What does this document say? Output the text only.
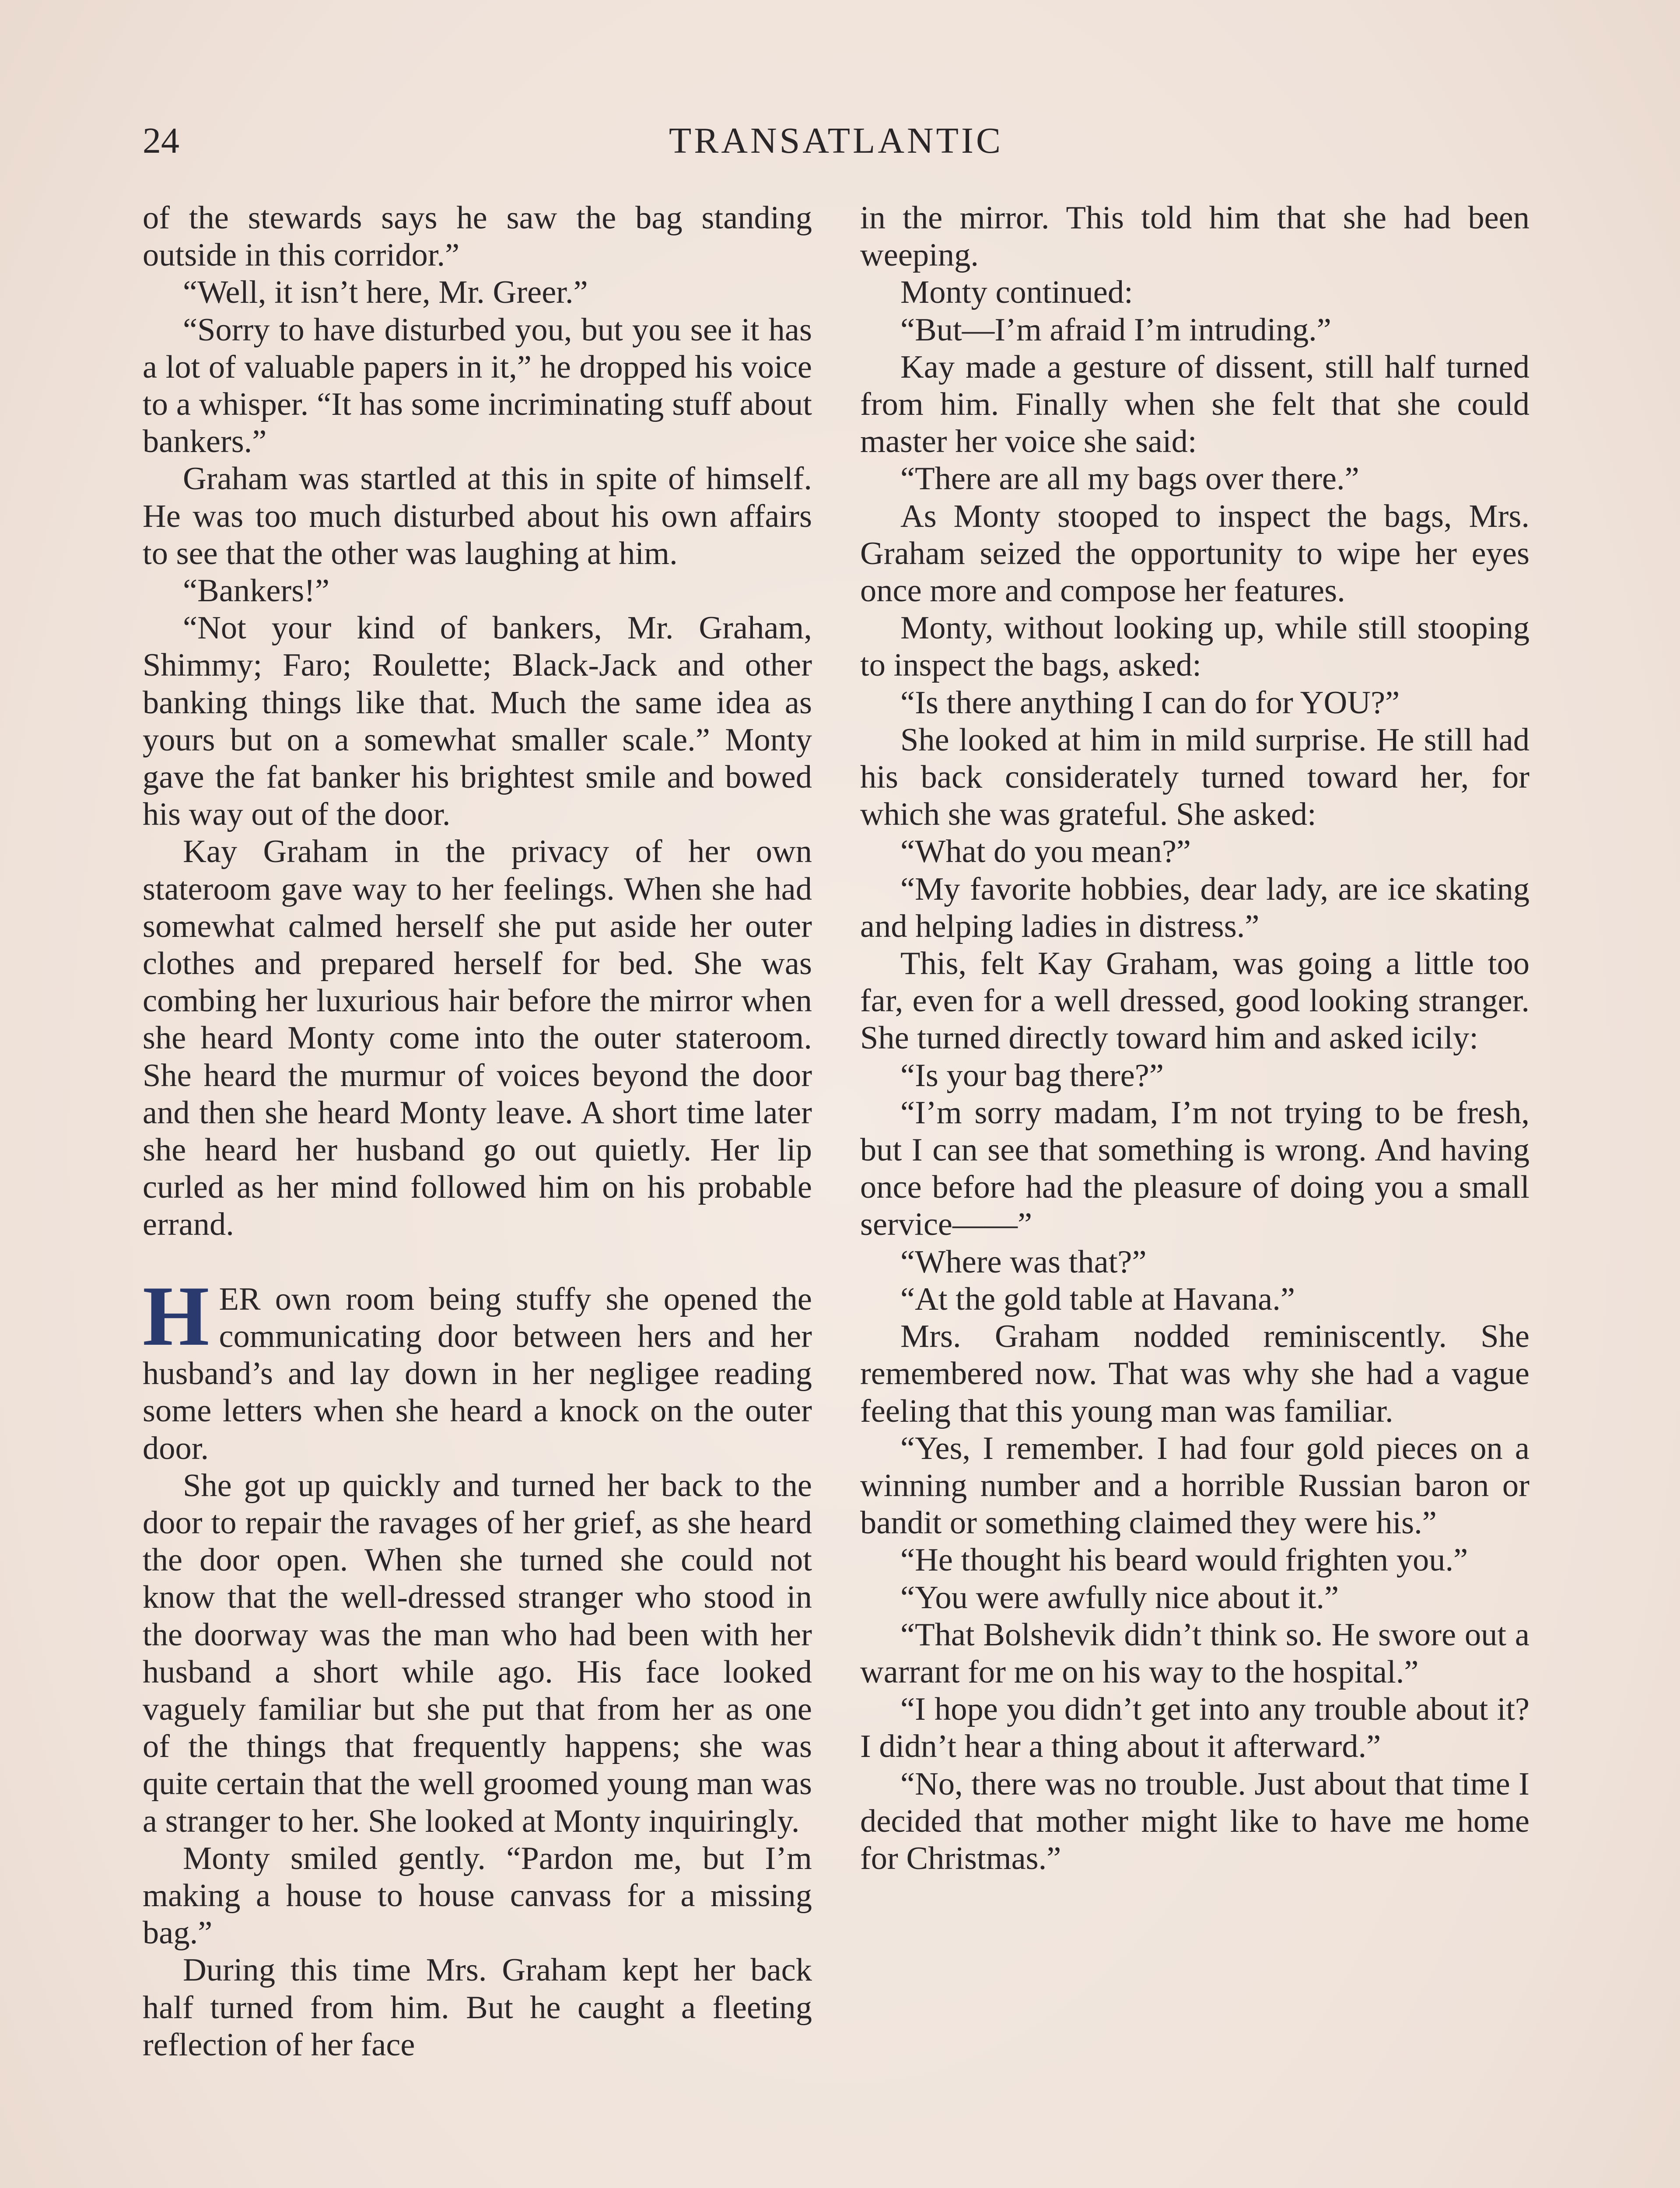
24	TRANSATLANTIC

of the stewards says he saw the bag standing outside in this corridor.”

“Well, it isn’t here, Mr. Greer.”

“Sorry to have disturbed you, but you see it has a lot of valuable papers in it,” he dropped his voice to a whisper. “It has some incriminating stuff about bankers.”

Graham was startled at this in spite of himself. He was too much disturbed about his own affairs to see that the other was laughing at him.

“Bankers!”

“Not your kind of bankers, Mr. Graham, Shimmy; Faro; Roulette; Black-Jack and other banking things like that. Much the same idea as yours but on a somewhat smaller scale.” Monty gave the fat banker his brightest smile and bowed his way out of the door.

Kay Graham in the privacy of her own stateroom gave way to her feelings. When she had somewhat calmed herself she put aside her outer clothes and prepared herself for bed. She was combing her luxurious hair before the mirror when she heard Monty come into the outer stateroom. She heard the murmur of voices beyond the door and then she heard Monty leave. A short time later she heard her husband go out quietly. Her lip curled as her mind followed him on his probable errand.

HER own room being stuffy she opened the communicating door between hers and her husband’s and lay down in her negligee reading some letters when she heard a knock on the outer door.

She got up quickly and turned her back to the door to repair the ravages of her grief, as she heard the door open. When she turned she could not know that the well-dressed stranger who stood in the doorway was the man who had been with her husband a short while ago. His face looked vaguely familiar but she put that from her as one of the things that frequently happens; she was quite certain that the well groomed young man was a stranger to her. She looked at Monty inquiringly.

Monty smiled gently. “Pardon me, but I’m making a house to house canvass for a missing bag.”

During this time Mrs. Graham kept her back half turned from him. But he caught a fleeting reflection of her face

in the mirror. This told him that she had been weeping.

Monty continued:

“But—I’m afraid I’m intruding.”

Kay made a gesture of dissent, still half turned from him. Finally when she felt that she could master her voice she said:

“There are all my bags over there.”

As Monty stooped to inspect the bags, Mrs. Graham seized the opportunity to wipe her eyes once more and compose her features.

Monty, without looking up, while still stooping to inspect the bags, asked:

“Is there anything I can do for YOU?”

She looked at him in mild surprise. He still had his back considerately turned toward her, for which she was grateful. She asked:

“What do you mean?”

“My favorite hobbies, dear lady, are ice skating and helping ladies in distress.”

This, felt Kay Graham, was going a little too far, even for a well dressed, good looking stranger. She turned directly toward him and asked icily:

“Is your bag there?”

“I’m sorry madam, I’m not trying to be fresh, but I can see that something is wrong. And having once before had the pleasure of doing you a small service——”

“Where was that?”

“At the gold table at Havana.”

Mrs. Graham nodded reminiscently. She remembered now. That was why she had a vague feeling that this young man was familiar.

“Yes, I remember. I had four gold pieces on a winning number and a horrible Russian baron or bandit or something claimed they were his.”

“He thought his beard would frighten you.”

“You were awfully nice about it.”

“That Bolshevik didn’t think so. He swore out a warrant for me on his way to the hospital.”

“I hope you didn’t get into any trouble about it? I didn’t hear a thing about it afterward.”

“No, there was no trouble. Just about that time I decided that mother might like to have me home for Christmas.”
